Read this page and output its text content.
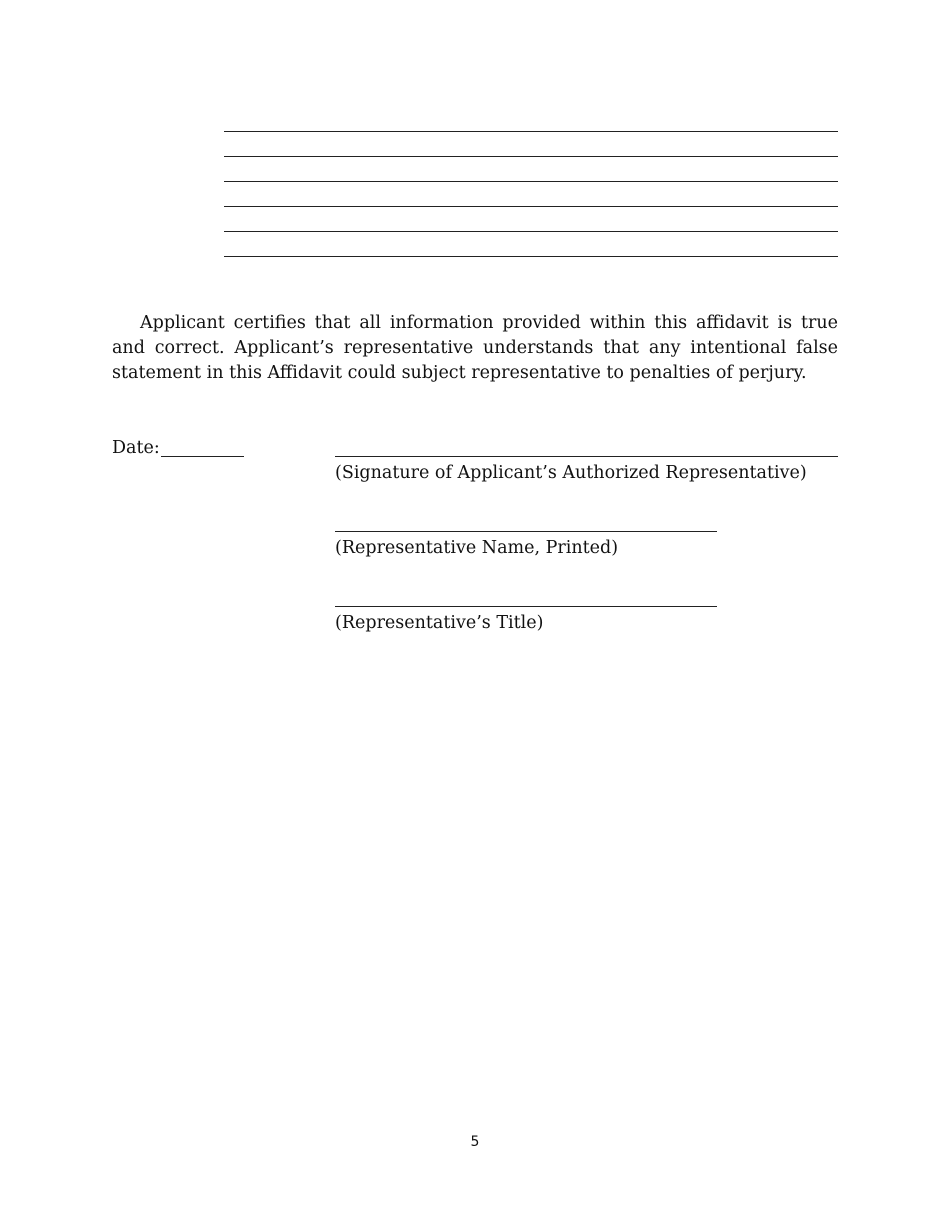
Applicant certifies that all information provided within this affidavit is true and correct. Applicant’s representative understands that any intentional false statement in this Affidavit could subject representative to penalties of perjury.

Date:
(Signature of Applicant’s Authorized Representative)
(Representative Name, Printed)
(Representative’s Title)
5
